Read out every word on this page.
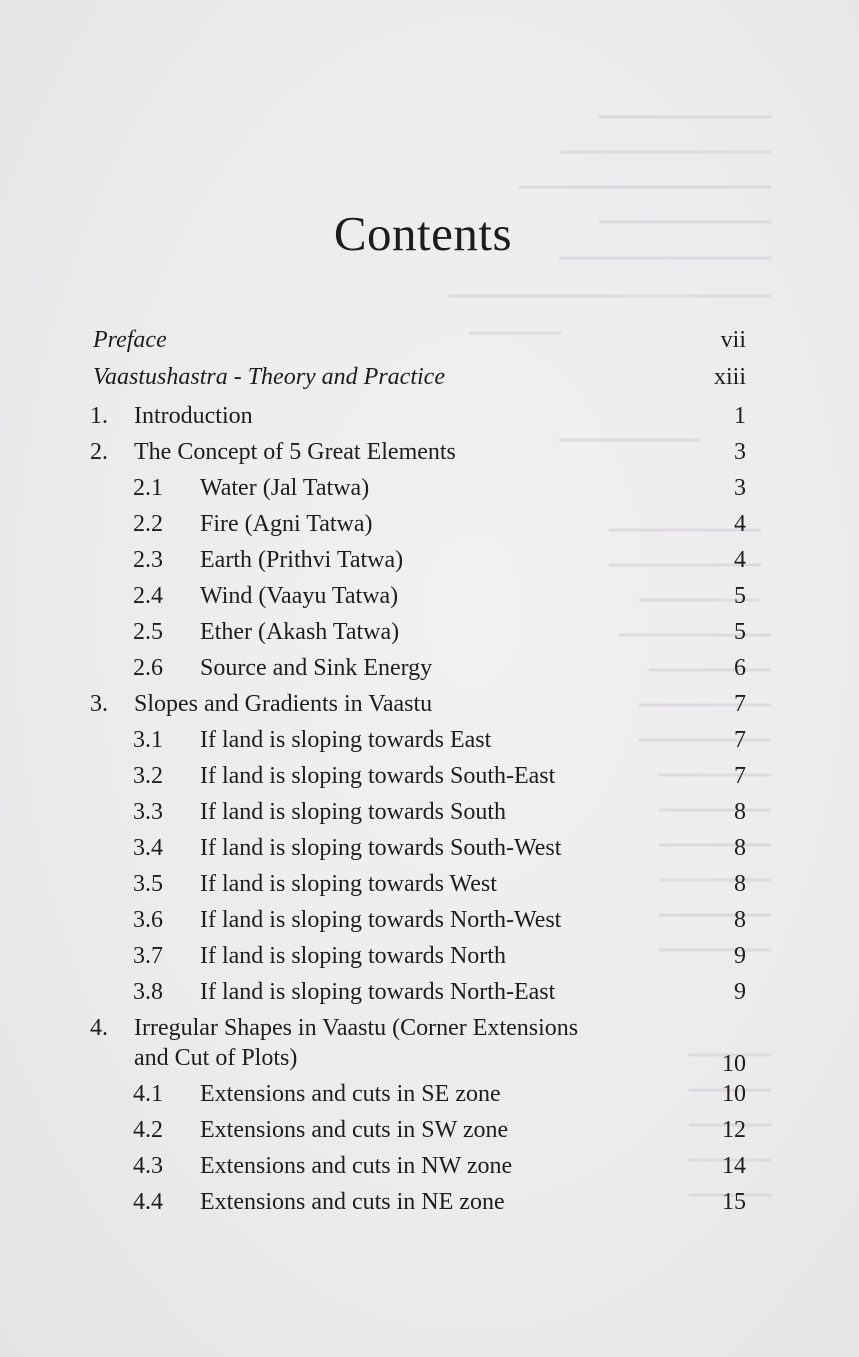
Contents
Preface	vii
Vaastushastra - Theory and Practice	xiii
1. Introduction	1
2. The Concept of 5 Great Elements	3
2.1 Water (Jal Tatwa)	3
2.2 Fire (Agni Tatwa)	4
2.3 Earth (Prithvi Tatwa)	4
2.4 Wind (Vaayu Tatwa)	5
2.5 Ether (Akash Tatwa)	5
2.6 Source and Sink Energy	6
3. Slopes and Gradients in Vaastu	7
3.1 If land is sloping towards East	7
3.2 If land is sloping towards South-East	7
3.3 If land is sloping towards South	8
3.4 If land is sloping towards South-West	8
3.5 If land is sloping towards West	8
3.6 If land is sloping towards North-West	8
3.7 If land is sloping towards North	9
3.8 If land is sloping towards North-East	9
4. Irregular Shapes in Vaastu (Corner Extensions
and Cut of Plots)	10
4.1 Extensions and cuts in SE zone	10
4.2 Extensions and cuts in SW zone	12
4.3 Extensions and cuts in NW zone	14
4.4 Extensions and cuts in NE zone	15
